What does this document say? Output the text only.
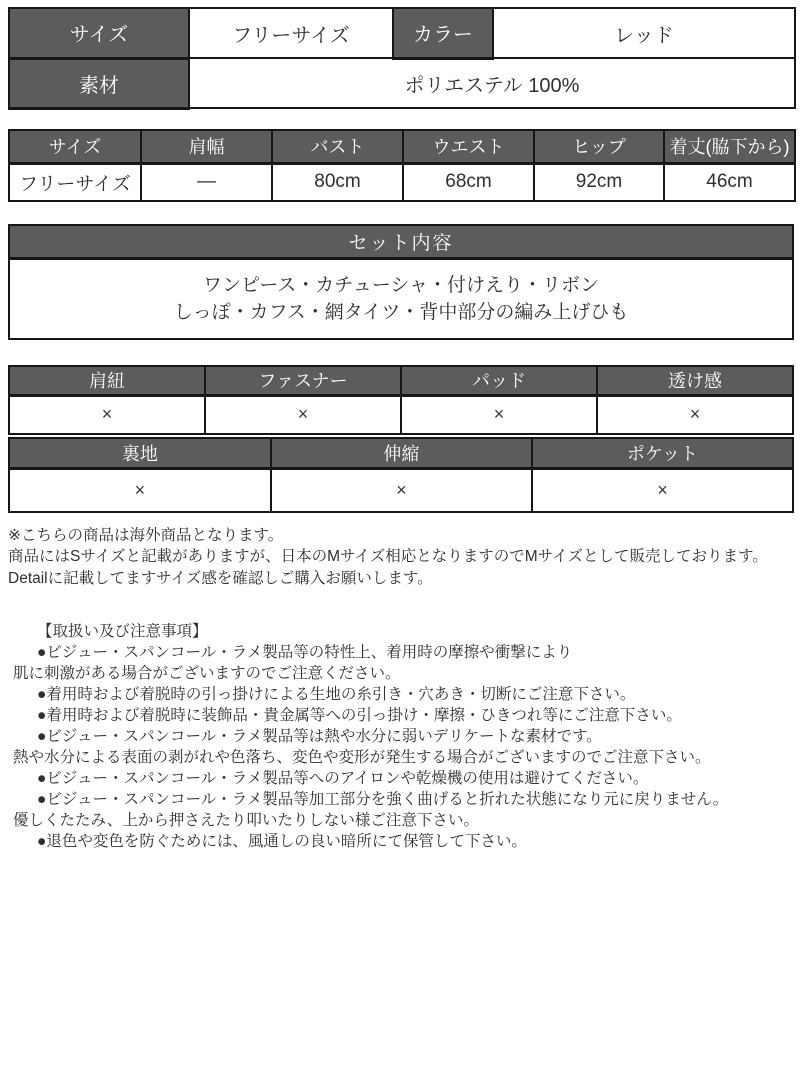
サイズ	フリーサイズ	カラー	レッド
素材	ポリエステル 100%		
サイズ	肩幅	バスト	ウエスト	ヒップ	着丈(脇下から)
フリーサイズ	―	80cm	68cm	92cm	46cm
セット内容

ワンピース・カチューシャ・付けえり・リボン
しっぽ・カフス・網タイツ・背中部分の編み上げひも
肩紐	ファスナー	パッド	透け感
×	×	×	×
裏地	伸縮	ポケット
×	×	×
※こちらの商品は海外商品となります。
商品にはSサイズと記載がありますが、日本のMサイズ相応となりますのでMサイズとして販売しております。
Detailに記載してますサイズ感を確認しご購入お願いします。
【取扱い及び注意事項】
●ビジュー・スパンコール・ラメ製品等の特性上、着用時の摩擦や衝撃により
肌に刺激がある場合がございますのでご注意ください。
●着用時および着脱時の引っ掛けによる生地の糸引き・穴あき・切断にご注意下さい。
●着用時および着脱時に装飾品・貴金属等への引っ掛け・摩擦・ひきつれ等にご注意下さい。
●ビジュー・スパンコール・ラメ製品等は熱や水分に弱いデリケートな素材です。
熱や水分による表面の剥がれや色落ち、変色や変形が発生する場合がございますのでご注意下さい。
●ビジュー・スパンコール・ラメ製品等へのアイロンや乾燥機の使用は避けてください。
●ビジュー・スパンコール・ラメ製品等加工部分を強く曲げると折れた状態になり元に戻りません。
優しくたたみ、上から押さえたり叩いたりしない様ご注意下さい。
●退色や変色を防ぐためには、風通しの良い暗所にて保管して下さい。
